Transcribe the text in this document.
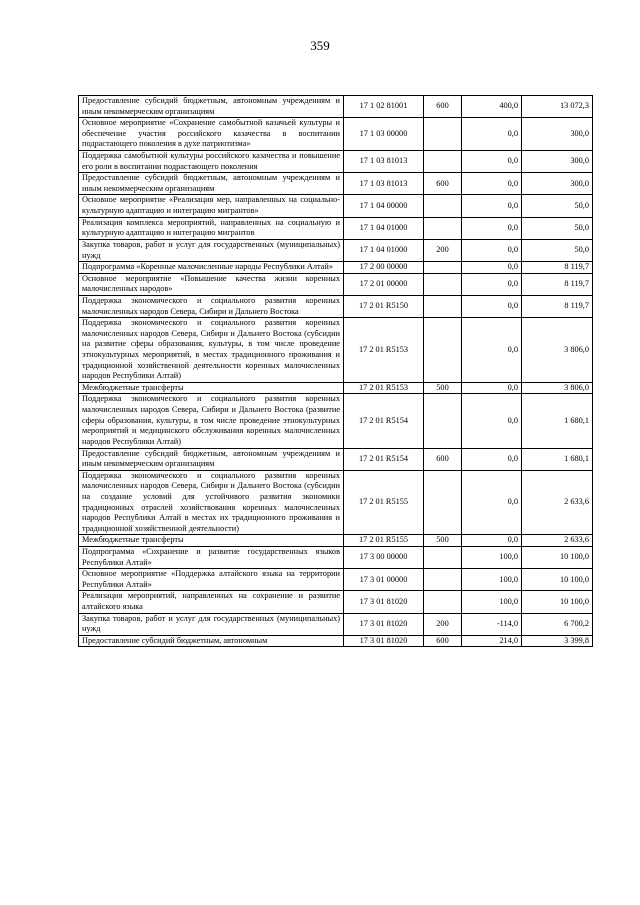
359
Предоставление субсидий бюджетным, автономным учреждениям и иным некоммерческим организациям	17 1 02 81001	600	400,0	13 072,3
Основное мероприятие «Сохранение самобытной казачьей культуры и обеспечение участия российского казачества в воспитании подрастающего поколения в духе патриотизма»	17 1 03 00000		0,0	300,0
Поддержка самобытной культуры российского казачества и повышение его роли в воспитании подрастающего поколения	17 1 03 81013		0,0	300,0
Предоставление субсидий бюджетным, автономным учреждениям и иным некоммерческим организациям	17 1 03 81013	600	0,0	300,0
Основное мероприятие «Реализация мер, направленных на социально-культурную адаптацию и интеграцию мигрантов»	17 1 04 00000		0,0	50,0
Реализация комплекса мероприятий, направленных на социальную и культурную адаптацию и интеграцию мигрантов	17 1 04 01000		0,0	50,0
Закупка товаров, работ и услуг для государственных (муниципальных) нужд	17 1 04 01000	200	0,0	50,0
Подпрограмма «Коренные малочисленные народы Республики Алтай»	17 2 00 00000		0,0	8 119,7
Основное мероприятие «Повышение качества жизни коренных малочисленных народов»	17 2 01 00000		0,0	8 119,7
Поддержка экономического и социального развития коренных малочисленных народов Севера, Сибири и Дальнего Востока	17 2 01 R5150		0,0	8 119,7
Поддержка экономического и социального развития коренных малочисленных народов Севера, Сибири и Дальнего Востока (субсидии на развитие сферы образования, культуры, в том числе проведение этнокультурных мероприятий, в местах традиционного проживания и традиционной хозяйственной деятельности коренных малочисленных народов Республики Алтай)	17 2 01 R5153		0,0	3 806,0
Межбюджетные трансферты	17 2 01 R5153	500	0,0	3 806,0
Поддержка экономического и социального развития коренных малочисленных народов Севера, Сибири и Дальнего Востока (развитие сферы образования, культуры, в том числе проведение этнокультурных мероприятий и медицинского обслуживания коренных малочисленных народов Республики Алтай)	17 2 01 R5154		0,0	1 680,1
Предоставление субсидий бюджетным, автономным учреждениям и иным некоммерческим организациям	17 2 01 R5154	600	0,0	1 680,1
Поддержка экономического и социального развития коренных малочисленных народов Севера, Сибири и Дальнего Востока (субсидии на создание условий для устойчивого развития экономики традиционных отраслей хозяйствования коренных малочисленных народов Республики Алтай в местах их традиционного проживания и традиционной хозяйственной деятельности)	17 2 01 R5155		0,0	2 633,6
Межбюджетные трансферты	17 2 01 R5155	500	0,0	2 633,6
Подпрограмма «Сохранение и развитие государственных языков Республики Алтай»	17 3 00 00000		100,0	10 100,0
Основное мероприятие «Поддержка алтайского языка на территории Республики Алтай»	17 3 01 00000		100,0	10 100,0
Реализация мероприятий, направленных на сохранение и развитие алтайского языка	17 3 01 81020		100,0	10 100,0
Закупка товаров, работ и услуг для государственных (муниципальных) нужд	17 3 01 81020	200	-114,0	6 700,2
Предоставление субсидий бюджетным, автономным	17 3 01 81020	600	214,0	3 399,8
